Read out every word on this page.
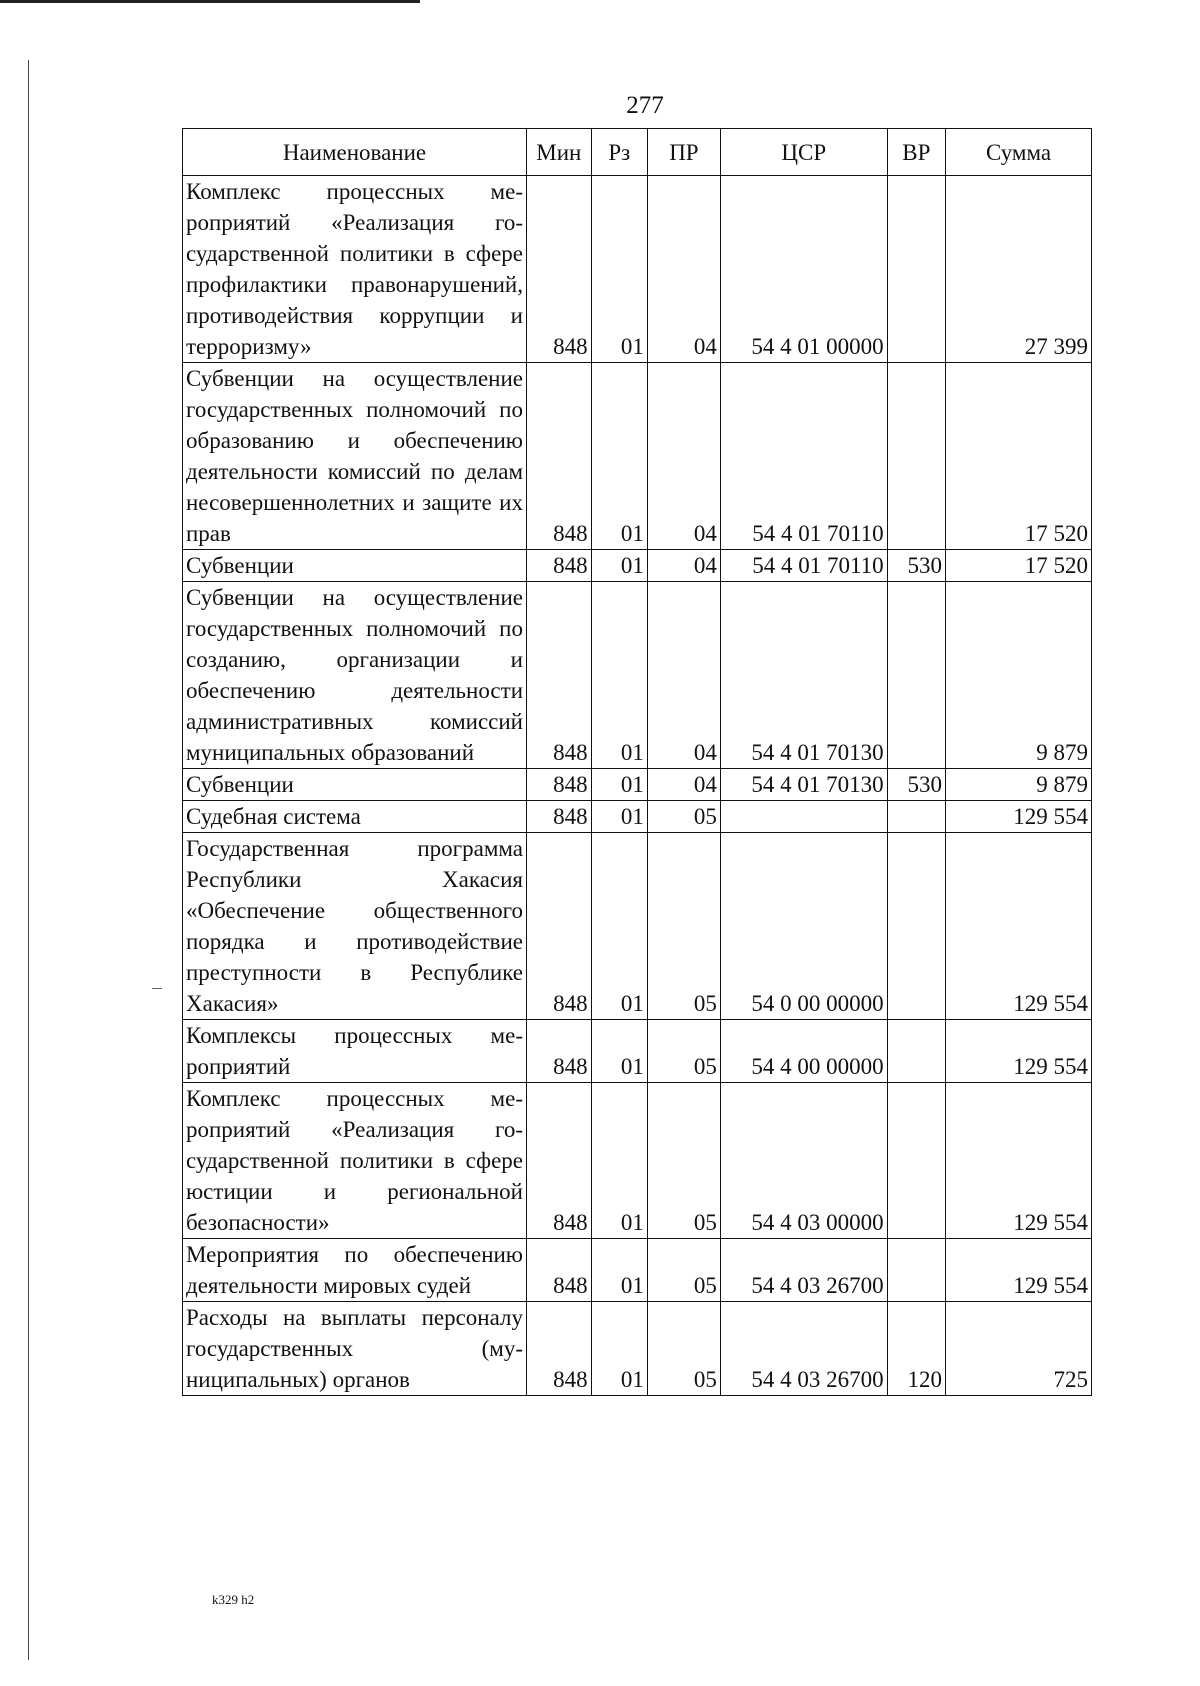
277
Наименование	Мин	Рз	ПР	ЦСР	ВР	Сумма
Комплекс процессных мероприятий «Реализация государственной политики в сфере профилактики правонарушений, противодействия коррупции и терроризму»	848	01	04	54 4 01 00000		27 399
Субвенции на осуществление государственных полномочий по образованию и обеспечению деятельности комиссий по делам несовершеннолетних и защите их прав	848	01	04	54 4 01 70110		17 520
Субвенции	848	01	04	54 4 01 70110	530	17 520
Субвенции на осуществление государственных полномочий по созданию, организации и обеспечению деятельности административных комиссий муниципальных образований	848	01	04	54 4 01 70130		9 879
Субвенции	848	01	04	54 4 01 70130	530	9 879
Судебная система	848	01	05			129 554
Государственная программа Республики Хакасия «Обеспечение общественного порядка и противодействие преступности в Республике Хакасия»	848	01	05	54 0 00 00000		129 554
Комплексы процессных мероприятий	848	01	05	54 4 00 00000		129 554
Комплекс процессных мероприятий «Реализация государственной политики в сфере юстиции и региональной безопасности»	848	01	05	54 4 03 00000		129 554
Мероприятия по обеспечению деятельности мировых судей	848	01	05	54 4 03 26700		129 554
Расходы на выплаты персоналу государственных (муниципальных) органов	848	01	05	54 4 03 26700	120	725
k329 h2
